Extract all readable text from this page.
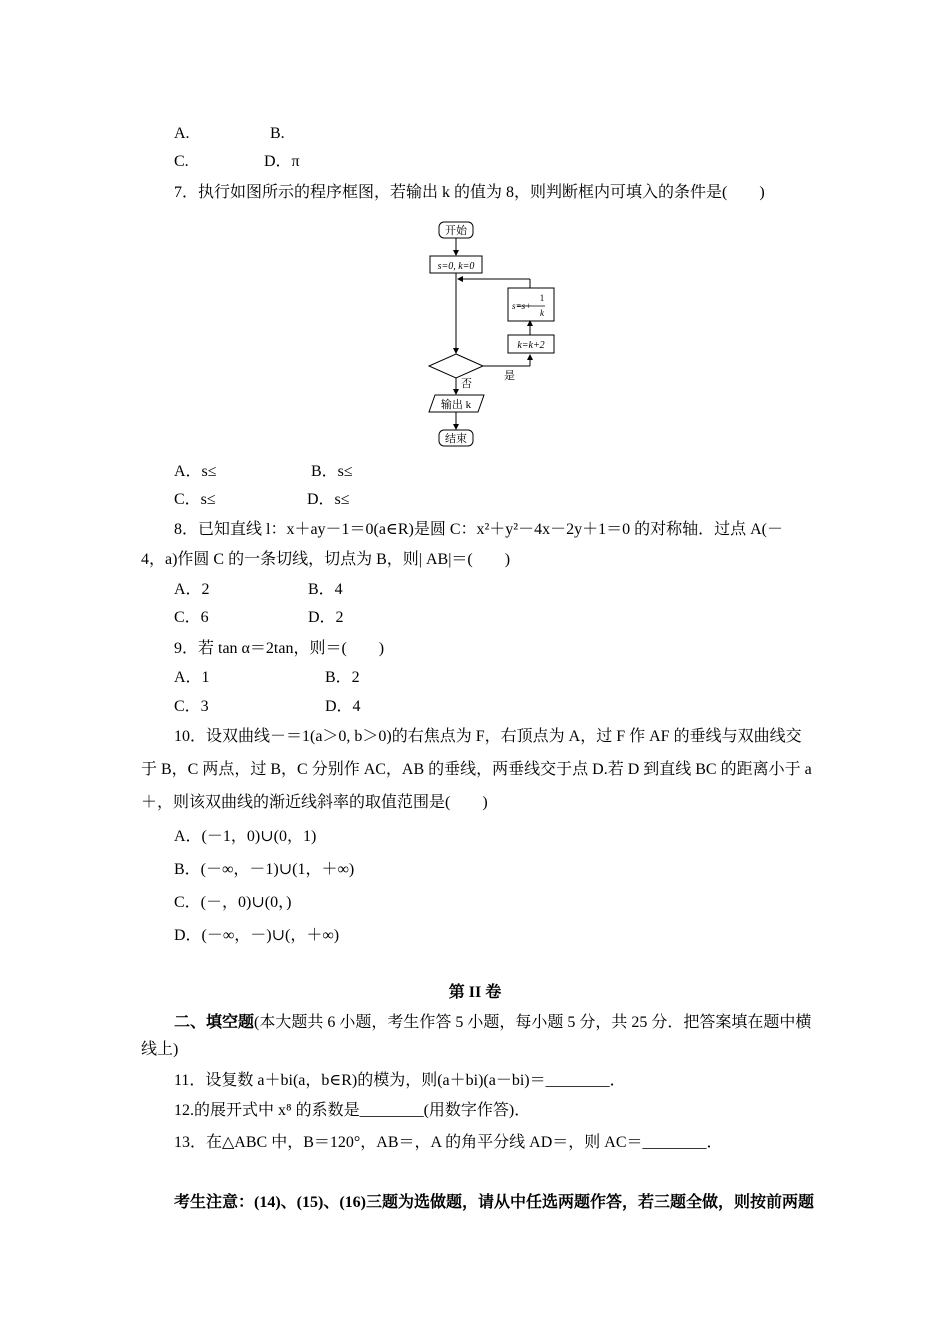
A.	B.
C.	D．π
7．执行如图所示的程序框图，若输出 k 的值为 8，则判断框内可填入的条件是(　　)
开始
s=0, k=0
s=s+
1
k
k=k+2
否
是
输出 k
结束
A．s≤	B．s≤
C．s≤	D．s≤
8．已知直线 l：x＋ay－1＝0(a∈R)是圆 C：x²＋y²－4x－2y＋1＝0 的对称轴．过点 A(－
4，a)作圆 C 的一条切线，切点为 B，则| AB|＝(　　)
A．2	B．4
C．6	D．2
9．若 tan α＝2tan，则＝(　　)
A．1	B．2
C．3	D．4
10．设双曲线－＝1(a＞0, b＞0)的右焦点为 F，右顶点为 A，过 F 作 AF 的垂线与双曲线交
于 B，C 两点，过 B，C 分别作 AC，AB 的垂线，两垂线交于点 D.若 D 到直线 BC 的距离小于 a
＋，则该双曲线的渐近线斜率的取值范围是(　　)
A．(－1，0)∪(0，1)
B．(－∞，－1)∪(1，＋∞)
C．(－，0)∪(0，)
D．(－∞，－)∪(，＋∞)
第 II 卷
二、填空题(本大题共 6 小题，考生作答 5 小题，每小题 5 分，共 25 分．把答案填在题中横
线上)
11．设复数 a＋bi(a，b∈R)的模为，则(a＋bi)(a－bi)＝________．
12.的展开式中 x⁸ 的系数是________(用数字作答)．
13．在△ABC 中，B＝120°，AB＝，A 的角平分线 AD＝，则 AC＝________．
考生注意：(14)、(15)、(16)三题为选做题，请从中任选两题作答，若三题全做，则按前两题
